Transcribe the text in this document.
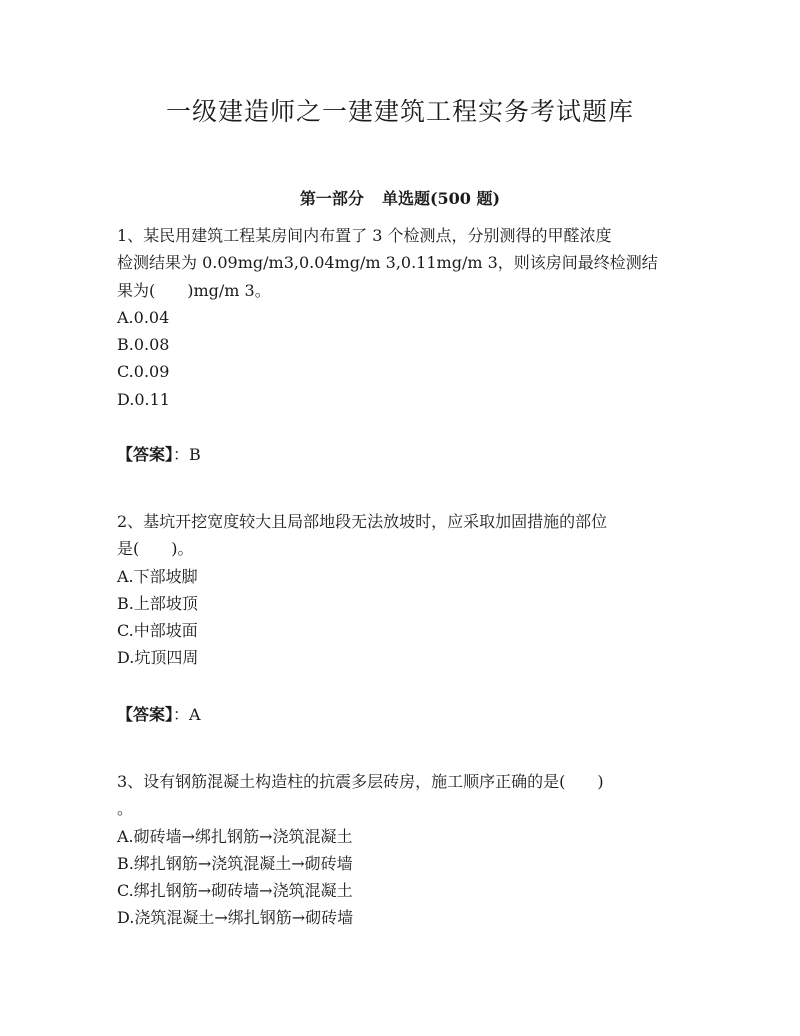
一级建造师之一建建筑工程实务考试题库
第一部分 单选题(500 题)
1、某民用建筑工程某房间内布置了 3 个检测点，分别测得的甲醛浓度
检测结果为 0.09mg/m3,0.04mg/m 3,0.11mg/m 3，则该房间最终检测结
果为(　　)mg/m 3。
A.0.04
B.0.08
C.0.09
D.0.11
【答案】：B
2、基坑开挖宽度较大且局部地段无法放坡时，应采取加固措施的部位
是(　　)。
A.下部坡脚
B.上部坡顶
C.中部坡面
D.坑顶四周
【答案】：A
3、设有钢筋混凝土构造柱的抗震多层砖房，施工顺序正确的是(　　)
。
A.砌砖墙→绑扎钢筋→浇筑混凝土
B.绑扎钢筋→浇筑混凝土→砌砖墙
C.绑扎钢筋→砌砖墙→浇筑混凝土
D.浇筑混凝土→绑扎钢筋→砌砖墙
